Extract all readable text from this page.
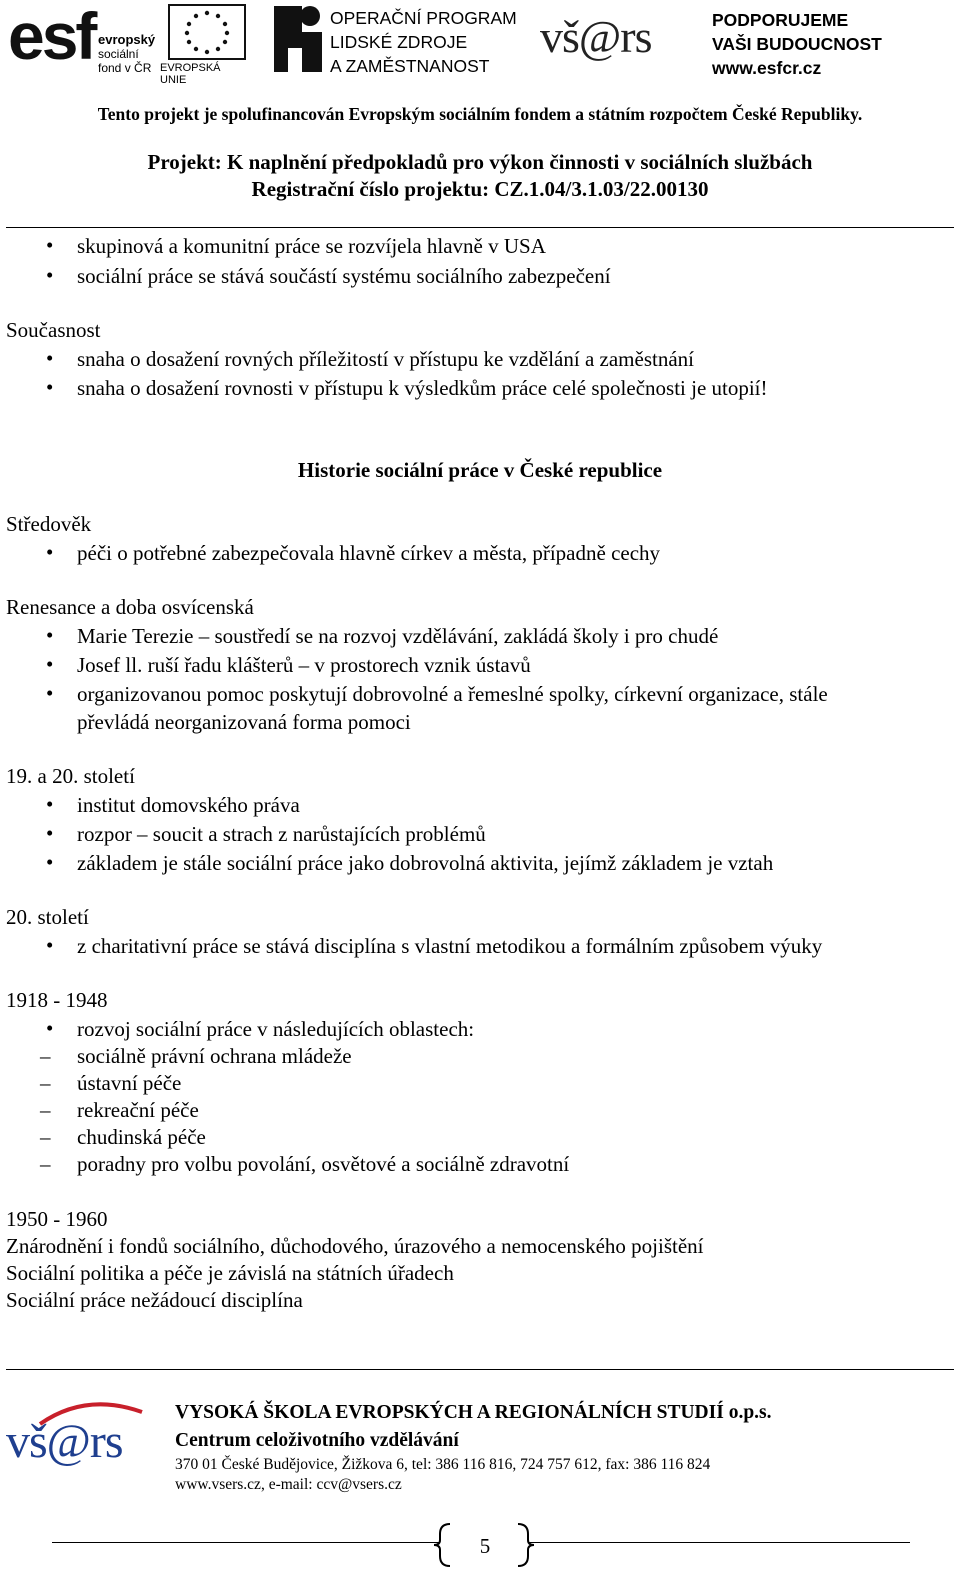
esf evropský
sociální
fond v ČR EVROPSKÁ UNIE
OPERAČNÍ PROGRAM
LIDSKÉ ZDROJE
A ZAMĚSTNANOST
vš@rs	PODPORUJEME
VAŠI BUDOUCNOST
www.esfcr.cz
Tento projekt je spolufinancován Evropským sociálním fondem a státním rozpočtem České Republiky.
Projekt: K naplnění předpokladů pro výkon činnosti v sociálních službách
Registrační číslo projektu: CZ.1.04/3.1.03/22.00130
• skupinová a komunitní práce se rozvíjela hlavně v USA
• sociální práce se stává součástí systému sociálního zabezpečení
Současnost
• snaha o dosažení rovných příležitostí v přístupu ke vzdělání a zaměstnání
• snaha o dosažení rovnosti v přístupu k výsledkům práce celé společnosti je utopií!
Historie sociální práce v České republice
Středověk
• péči o potřebné zabezpečovala hlavně církev a města, případně cechy
Renesance a doba osvícenská
• Marie Terezie – soustředí se na rozvoj vzdělávání, zakládá školy i pro chudé
• Josef ll. ruší řadu klášterů – v prostorech vznik ústavů
• organizovanou pomoc poskytují dobrovolné a řemeslné spolky, církevní organizace, stále
převládá neorganizovaná forma pomoci
19. a 20. století
• institut domovského práva
• rozpor – soucit a strach z narůstajících problémů
• základem je stále sociální práce jako dobrovolná aktivita, jejímž základem je vztah
20. století
• z charitativní práce se stává disciplína s vlastní metodikou a formálním způsobem výuky
1918 - 1948
• rozvoj sociální práce v následujících oblastech:
– sociálně právní ochrana mládeže
– ústavní péče
– rekreační péče
– chudinská péče
– poradny pro volbu povolání, osvětové a sociálně zdravotní
1950 - 1960
Znárodnění i fondů sociálního, důchodového, úrazového a nemocenského pojištění
Sociální politika a péče je závislá na státních úřadech
Sociální práce nežádoucí disciplína
vš@rs
VYSOKÁ ŠKOLA EVROPSKÝCH A REGIONÁLNÍCH STUDIÍ o.p.s.
Centrum celoživotního vzdělávání
370 01 České Budějovice, Žižkova 6, tel: 386 116 816, 724 757 612, fax: 386 116 824
www.vsers.cz, e-mail: ccv@vsers.cz
5
